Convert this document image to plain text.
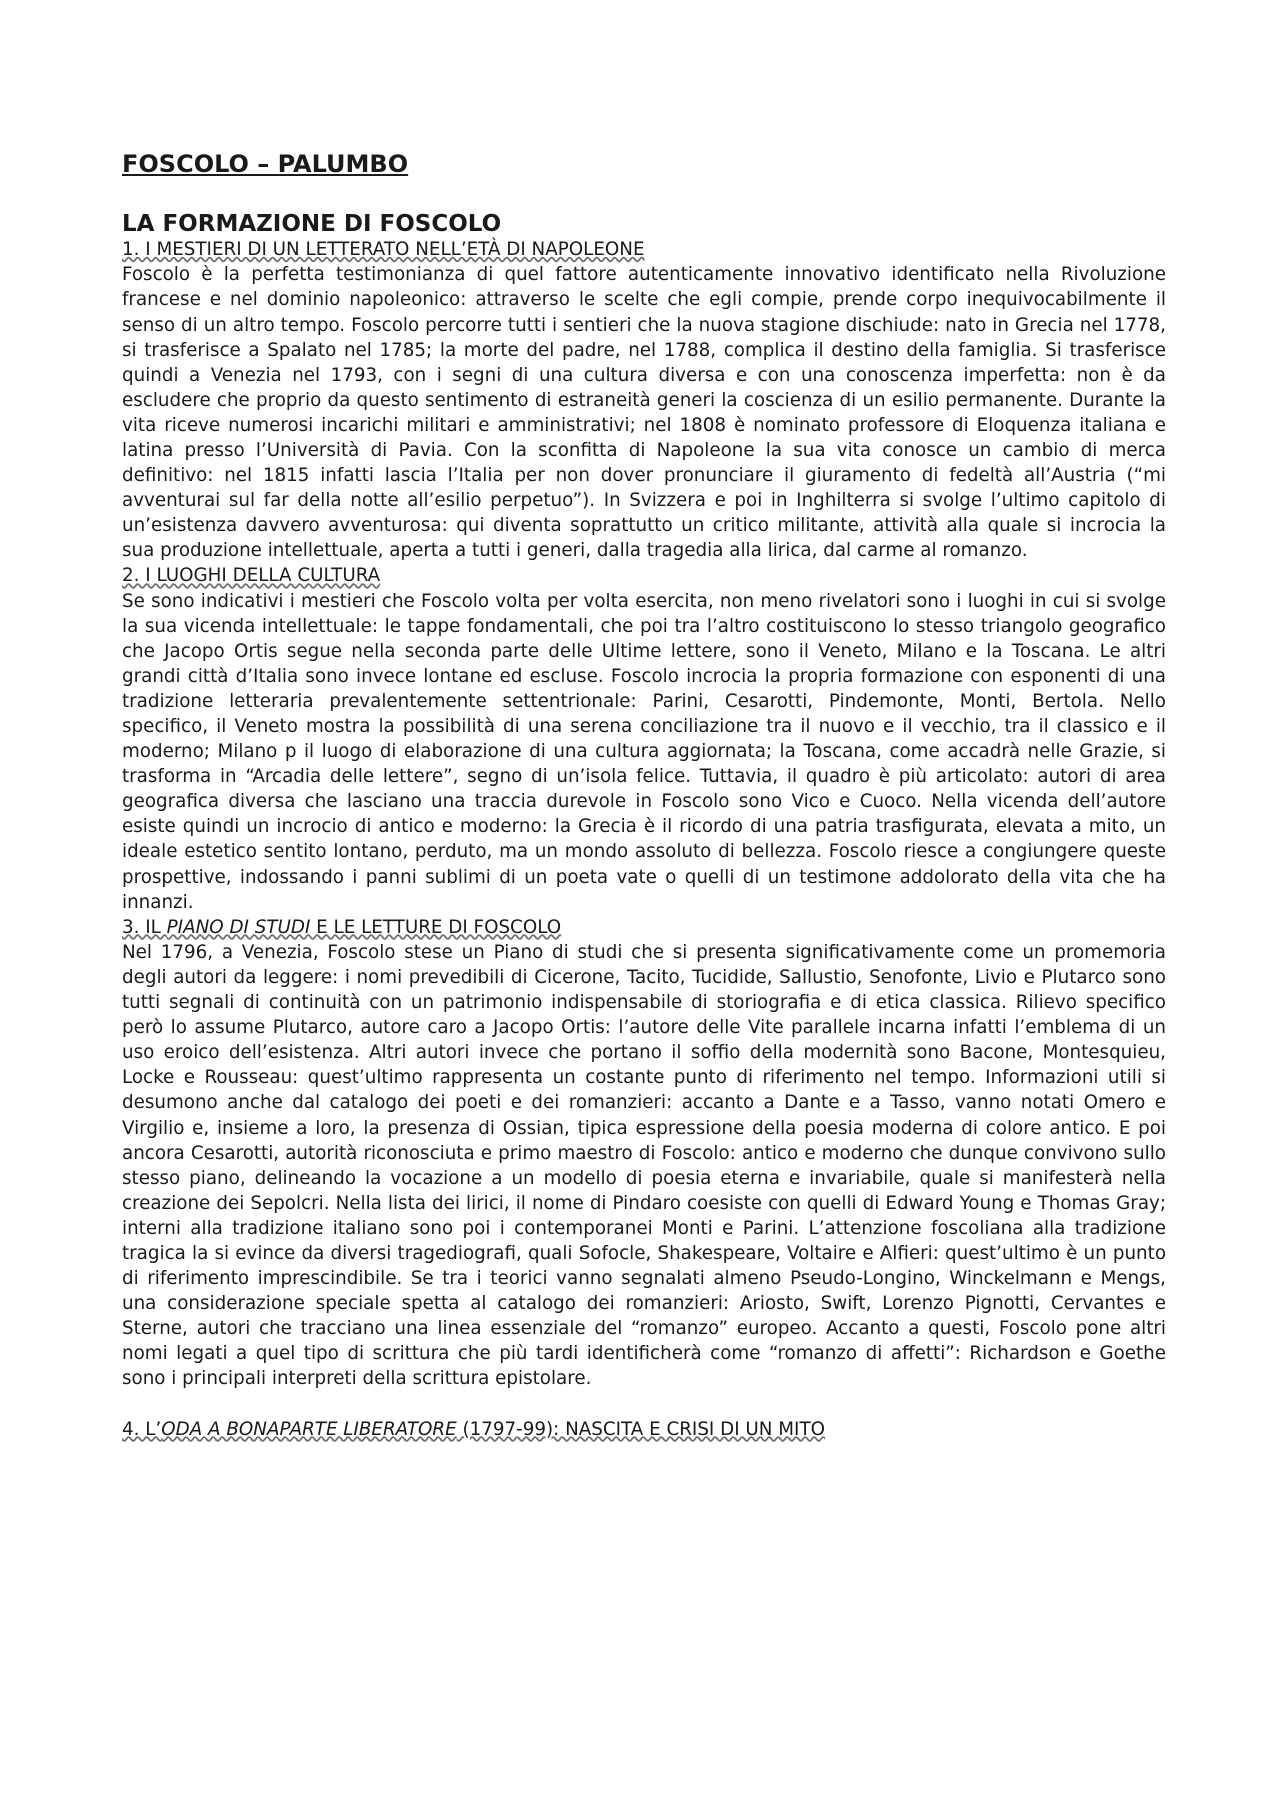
FOSCOLO – PALUMBO
LA FORMAZIONE DI FOSCOLO
1. I MESTIERI DI UN LETTERATO NELL’ETÀ DI NAPOLEONE

Foscolo è la perfetta testimonianza di quel fattore autenticamente innovativo identificato nella Rivoluzione francese e nel dominio napoleonico: attraverso le scelte che egli compie, prende corpo inequivocabilmente il senso di un altro tempo. Foscolo percorre tutti i sentieri che la nuova stagione dischiude: nato in Grecia nel 1778, si trasferisce a Spalato nel 1785; la morte del padre, nel 1788, complica il destino della famiglia. Si trasferisce quindi a Venezia nel 1793, con i segni di una cultura diversa e con una conoscenza imperfetta: non è da escludere che proprio da questo sentimento di estraneità generi la coscienza di un esilio permanente. Durante la vita riceve numerosi incarichi militari e amministrativi; nel 1808 è nominato professore di Eloquenza italiana e latina presso l’Università di Pavia. Con la sconfitta di Napoleone la sua vita conosce un cambio di merca definitivo: nel 1815 infatti lascia l’Italia per non dover pronunciare il giuramento di fedeltà all’Austria (“mi avventurai sul far della notte all’esilio perpetuo”). In Svizzera e poi in Inghilterra si svolge l’ultimo capitolo di un’esistenza davvero avventurosa: qui diventa soprattutto un critico militante, attività alla quale si incrocia la sua produzione intellettuale, aperta a tutti i generi, dalla tragedia alla lirica, dal carme al romanzo.

2. I LUOGHI DELLA CULTURA

Se sono indicativi i mestieri che Foscolo volta per volta esercita, non meno rivelatori sono i luoghi in cui si svolge la sua vicenda intellettuale: le tappe fondamentali, che poi tra l’altro costituiscono lo stesso triangolo geografico che Jacopo Ortis segue nella seconda parte delle Ultime lettere, sono il Veneto, Milano e la Toscana. Le altri grandi città d’Italia sono invece lontane ed escluse. Foscolo incrocia la propria formazione con esponenti di una tradizione letteraria prevalentemente settentrionale: Parini, Cesarotti, Pindemonte, Monti, Bertola. Nello specifico, il Veneto mostra la possibilità di una serena conciliazione tra il nuovo e il vecchio, tra il classico e il moderno; Milano p il luogo di elaborazione di una cultura aggiornata; la Toscana, come accadrà nelle Grazie, si trasforma in “Arcadia delle lettere”, segno di un’isola felice. Tuttavia, il quadro è più articolato: autori di area geografica diversa che lasciano una traccia durevole in Foscolo sono Vico e Cuoco. Nella vicenda dell’autore esiste quindi un incrocio di antico e moderno: la Grecia è il ricordo di una patria trasfigurata, elevata a mito, un ideale estetico sentito lontano, perduto, ma un mondo assoluto di bellezza. Foscolo riesce a congiungere queste prospettive, indossando i panni sublimi di un poeta vate o quelli di un testimone addolorato della vita che ha innanzi.

3. IL PIANO DI STUDI E LE LETTURE DI FOSCOLO

Nel 1796, a Venezia, Foscolo stese un Piano di studi che si presenta significativamente come un promemoria degli autori da leggere: i nomi prevedibili di Cicerone, Tacito, Tucidide, Sallustio, Senofonte, Livio e Plutarco sono tutti segnali di continuità con un patrimonio indispensabile di storiografia e di etica classica. Rilievo specifico però lo assume Plutarco, autore caro a Jacopo Ortis: l’autore delle Vite parallele incarna infatti l’emblema di un uso eroico dell’esistenza. Altri autori invece che portano il soffio della modernità sono Bacone, Montesquieu, Locke e Rousseau: quest’ultimo rappresenta un costante punto di riferimento nel tempo. Informazioni utili si desumono anche dal catalogo dei poeti e dei romanzieri: accanto a Dante e a Tasso, vanno notati Omero e Virgilio e, insieme a loro, la presenza di Ossian, tipica espressione della poesia moderna di colore antico. E poi ancora Cesarotti, autorità riconosciuta e primo maestro di Foscolo: antico e moderno che dunque convivono sullo stesso piano, delineando la vocazione a un modello di poesia eterna e invariabile, quale si manifesterà nella creazione dei Sepolcri. Nella lista dei lirici, il nome di Pindaro coesiste con quelli di Edward Young e Thomas Gray; interni alla tradizione italiano sono poi i contemporanei Monti e Parini. L’attenzione foscoliana alla tradizione tragica la si evince da diversi tragediografi, quali Sofocle, Shakespeare, Voltaire e Alfieri: quest’ultimo è un punto di riferimento imprescindibile. Se tra i teorici vanno segnalati almeno Pseudo-Longino, Winckelmann e Mengs, una considerazione speciale spetta al catalogo dei romanzieri: Ariosto, Swift, Lorenzo Pignotti, Cervantes e Sterne, autori che tracciano una linea essenziale del “romanzo” europeo. Accanto a questi, Foscolo pone altri nomi legati a quel tipo di scrittura che più tardi identificherà come “romanzo di affetti”: Richardson e Goethe sono i principali interpreti della scrittura epistolare.

4. L’ODA A BONAPARTE LIBERATORE (1797-99): NASCITA E CRISI DI UN MITO
